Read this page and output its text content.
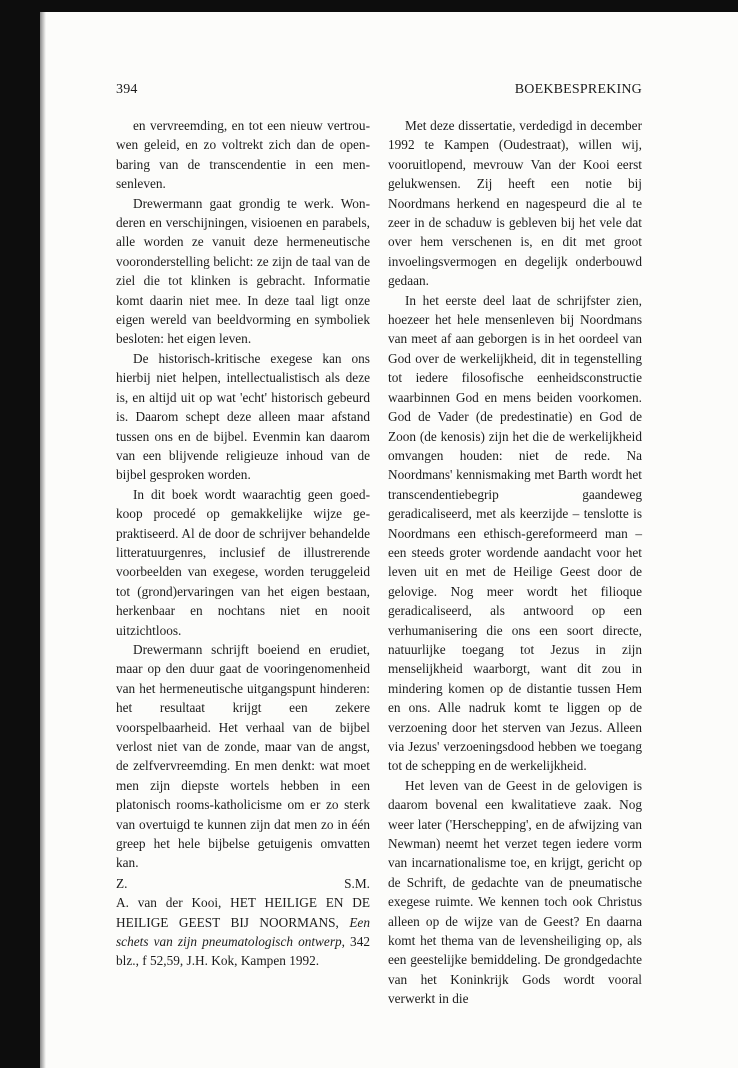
394	BOEKBESPREKING

en vervreemding, en tot een nieuw vertrouwen geleid, en zo voltrekt zich dan de openbaring van de transcendentie in een mensenleven.

Drewermann gaat grondig te werk. Wonderen en verschijningen, visioenen en parabels, alle worden ze vanuit deze hermeneutische vooronderstelling belicht: ze zijn de taal van de ziel die tot klinken is gebracht. Informatie komt daarin niet mee. In deze taal ligt onze eigen wereld van beeldvorming en symboliek besloten: het eigen leven.

De historisch-kritische exegese kan ons hierbij niet helpen, intellectualistisch als deze is, en altijd uit op wat 'echt' historisch gebeurd is. Daarom schept deze alleen maar afstand tussen ons en de bijbel. Evenmin kan daarom van een blijvende religieuze inhoud van de bijbel gesproken worden.

In dit boek wordt waarachtig geen goedkoop procedé op gemakkelijke wijze gepraktiseerd. Al de door de schrijver behandelde litteratuurgenres, inclusief de illustrerende voorbeelden van exegese, worden teruggeleid tot (grond)ervaringen van het eigen bestaan, herkenbaar en nochtans niet en nooit uitzichtloos.

Drewermann schrijft boeiend en erudiet, maar op den duur gaat de vooringenomenheid van het hermeneutische uitgangspunt hinderen: het resultaat krijgt een zekere voorspelbaarheid. Het verhaal van de bijbel verlost niet van de zonde, maar van de angst, de zelfvervreemding. En men denkt: wat moet men zijn diepste wortels hebben in een platonisch rooms-katholicisme om er zo sterk van overtuigd te kunnen zijn dat men zo in één greep het hele bijbelse getuigenis omvatten kan.

Z.	S.M.

A. van der Kooi, HET HEILIGE EN DE HEILIGE GEEST BIJ NOORMANS, Een schets van zijn pneumatologisch ontwerp, 342 blz., f 52,59, J.H. Kok, Kampen 1992.

Met deze dissertatie, verdedigd in december 1992 te Kampen (Oudestraat), willen wij, vooruitlopend, mevrouw Van der Kooi eerst gelukwensen. Zij heeft een notie bij Noordmans herkend en nagespeurd die al te zeer in de schaduw is gebleven bij het vele dat over hem verschenen is, en dit met groot invoelingsvermogen en degelijk onderbouwd gedaan.

In het eerste deel laat de schrijfster zien, hoezeer het hele mensenleven bij Noordmans van meet af aan geborgen is in het oordeel van God over de werkelijkheid, dit in tegenstelling tot iedere filosofische eenheidsconstructie waarbinnen God en mens beiden voorkomen. God de Vader (de predestinatie) en God de Zoon (de kenosis) zijn het die de werkelijkheid omvangen houden: niet de rede. Na Noordmans' kennismaking met Barth wordt het transcendentiebegrip gaandeweg geradicaliseerd, met als keerzijde – tenslotte is Noordmans een ethisch-gereformeerd man – een steeds groter wordende aandacht voor het leven uit en met de Heilige Geest door de gelovige. Nog meer wordt het filioque geradicaliseerd, als antwoord op een verhumanisering die ons een soort directe, natuurlijke toegang tot Jezus in zijn menselijkheid waarborgt, want dit zou in mindering komen op de distantie tussen Hem en ons. Alle nadruk komt te liggen op de verzoening door het sterven van Jezus. Alleen via Jezus' verzoeningsdood hebben we toegang tot de schepping en de werkelijkheid.

Het leven van de Geest in de gelovigen is daarom bovenal een kwalitatieve zaak. Nog weer later ('Herschepping', en de afwijzing van Newman) neemt het verzet tegen iedere vorm van incarnationalisme toe, en krijgt, gericht op de Schrift, de gedachte van de pneumatische exegese ruimte. We kennen toch ook Christus alleen op de wijze van de Geest? En daarna komt het thema van de levensheiliging op, als een geestelijke bemiddeling. De grondgedachte van het Koninkrijk Gods wordt vooral verwerkt in die
